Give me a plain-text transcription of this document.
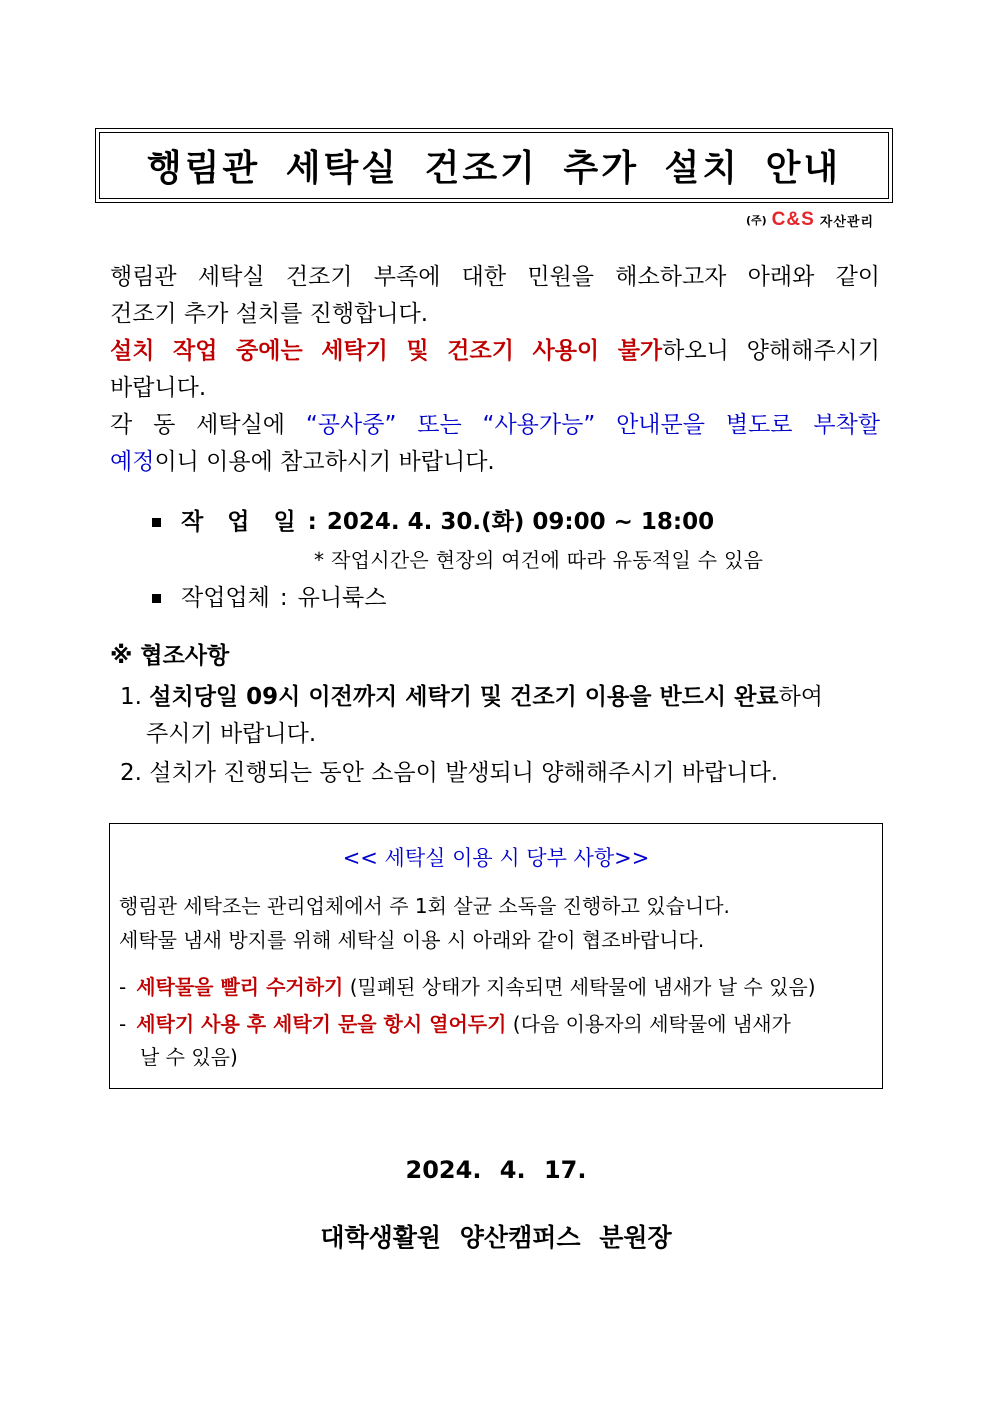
행림관 세탁실 건조기 추가 설치 안내
(주) C&S 자산관리
행림관 세탁실 건조기 부족에 대한 민원을 해소하고자 아래와 같이
건조기 추가 설치를 진행합니다.
설치 작업 중에는 세탁기 및 건조기 사용이 불가하오니 양해해주시기
바랍니다.
각 동 세탁실에 “공사중” 또는 “사용가능” 안내문을 별도로 부착할
예정이니 이용에 참고하시기 바랍니다.
작 업 일 : 2024. 4. 30.(화) 09:00 ~ 18:00
* 작업시간은 현장의 여건에 따라 유동적일 수 있음
작업업체 : 유니룩스
※ 협조사항
1. 설치당일 09시 이전까지 세탁기 및 건조기 이용을 반드시 완료하여
주시기 바랍니다.
2. 설치가 진행되는 동안 소음이 발생되니 양해해주시기 바랍니다.
<< 세탁실 이용 시 당부 사항>>
행림관 세탁조는 관리업체에서 주 1회 살균 소독을 진행하고 있습니다.
세탁물 냄새 방지를 위해 세탁실 이용 시 아래와 같이 협조바랍니다.
- 세탁물을 빨리 수거하기 (밀폐된 상태가 지속되면 세탁물에 냄새가 날 수 있음)
- 세탁기 사용 후 세탁기 문을 항시 열어두기 (다음 이용자의 세탁물에 냄새가
날 수 있음)
2024. 4. 17.
대학생활원 양산캠퍼스 분원장
